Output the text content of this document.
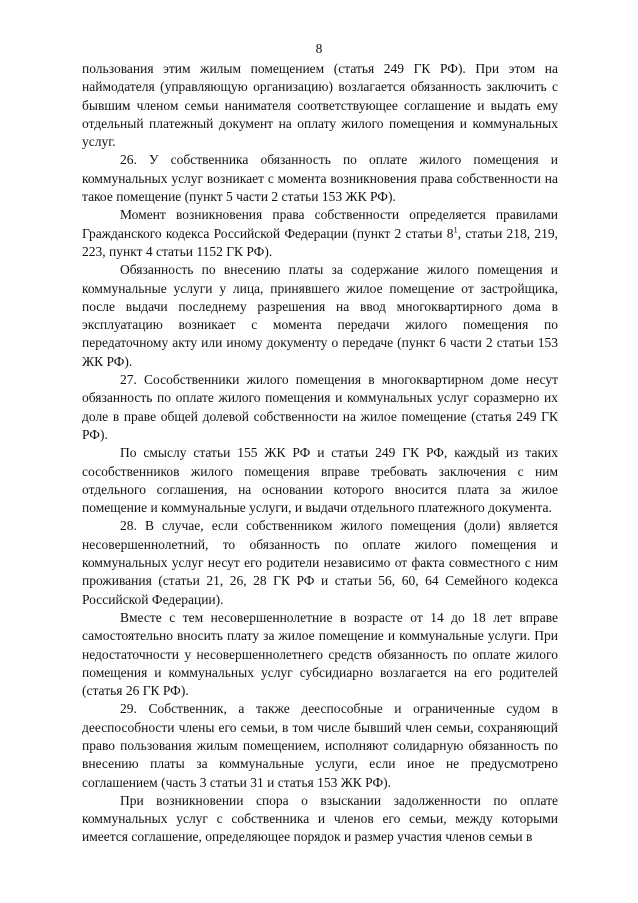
8

пользования этим жилым помещением (статья 249 ГК РФ). При этом на наймодателя (управляющую организацию) возлагается обязанность заключить с бывшим членом семьи нанимателя соответствующее соглашение и выдать ему отдельный платежный документ на оплату жилого помещения и коммунальных услуг.

26. У собственника обязанность по оплате жилого помещения и коммунальных услуг возникает с момента возникновения права собственности на такое помещение (пункт 5 части 2 статьи 153 ЖК РФ).

Момент возникновения права собственности определяется правилами Гражданского кодекса Российской Федерации (пункт 2 статьи $8^1$, статьи 218, 219, 223, пункт 4 статьи 1152 ГК РФ).

Обязанность по внесению платы за содержание жилого помещения и коммунальные услуги у лица, принявшего жилое помещение от застройщика, после выдачи последнему разрешения на ввод многоквартирного дома в эксплуатацию возникает с момента передачи жилого помещения по передаточному акту или иному документу о передаче (пункт 6 части 2 статьи 153 ЖК РФ).

27. Сособственники жилого помещения в многоквартирном доме несут обязанность по оплате жилого помещения и коммунальных услуг соразмерно их доле в праве общей долевой собственности на жилое помещение (статья 249 ГК РФ).

По смыслу статьи 155 ЖК РФ и статьи 249 ГК РФ, каждый из таких сособственников жилого помещения вправе требовать заключения с ним отдельного соглашения, на основании которого вносится плата за жилое помещение и коммунальные услуги, и выдачи отдельного платежного документа.

28. В случае, если собственником жилого помещения (доли) является несовершеннолетний, то обязанность по оплате жилого помещения и коммунальных услуг несут его родители независимо от факта совместного с ним проживания (статьи 21, 26, 28 ГК РФ и статьи 56, 60, 64 Семейного кодекса Российской Федерации).

Вместе с тем несовершеннолетние в возрасте от 14 до 18 лет вправе самостоятельно вносить плату за жилое помещение и коммунальные услуги. При недостаточности у несовершеннолетнего средств обязанность по оплате жилого помещения и коммунальных услуг субсидиарно возлагается на его родителей (статья 26 ГК РФ).

29. Собственник, а также дееспособные и ограниченные судом в дееспособности члены его семьи, в том числе бывший член семьи, сохраняющий право пользования жилым помещением, исполняют солидарную обязанность по внесению платы за коммунальные услуги, если иное не предусмотрено соглашением (часть 3 статьи 31 и статья 153 ЖК РФ).

При возникновении спора о взыскании задолженности по оплате коммунальных услуг с собственника и членов его семьи, между которыми имеется соглашение, определяющее порядок и размер участия членов семьи в
